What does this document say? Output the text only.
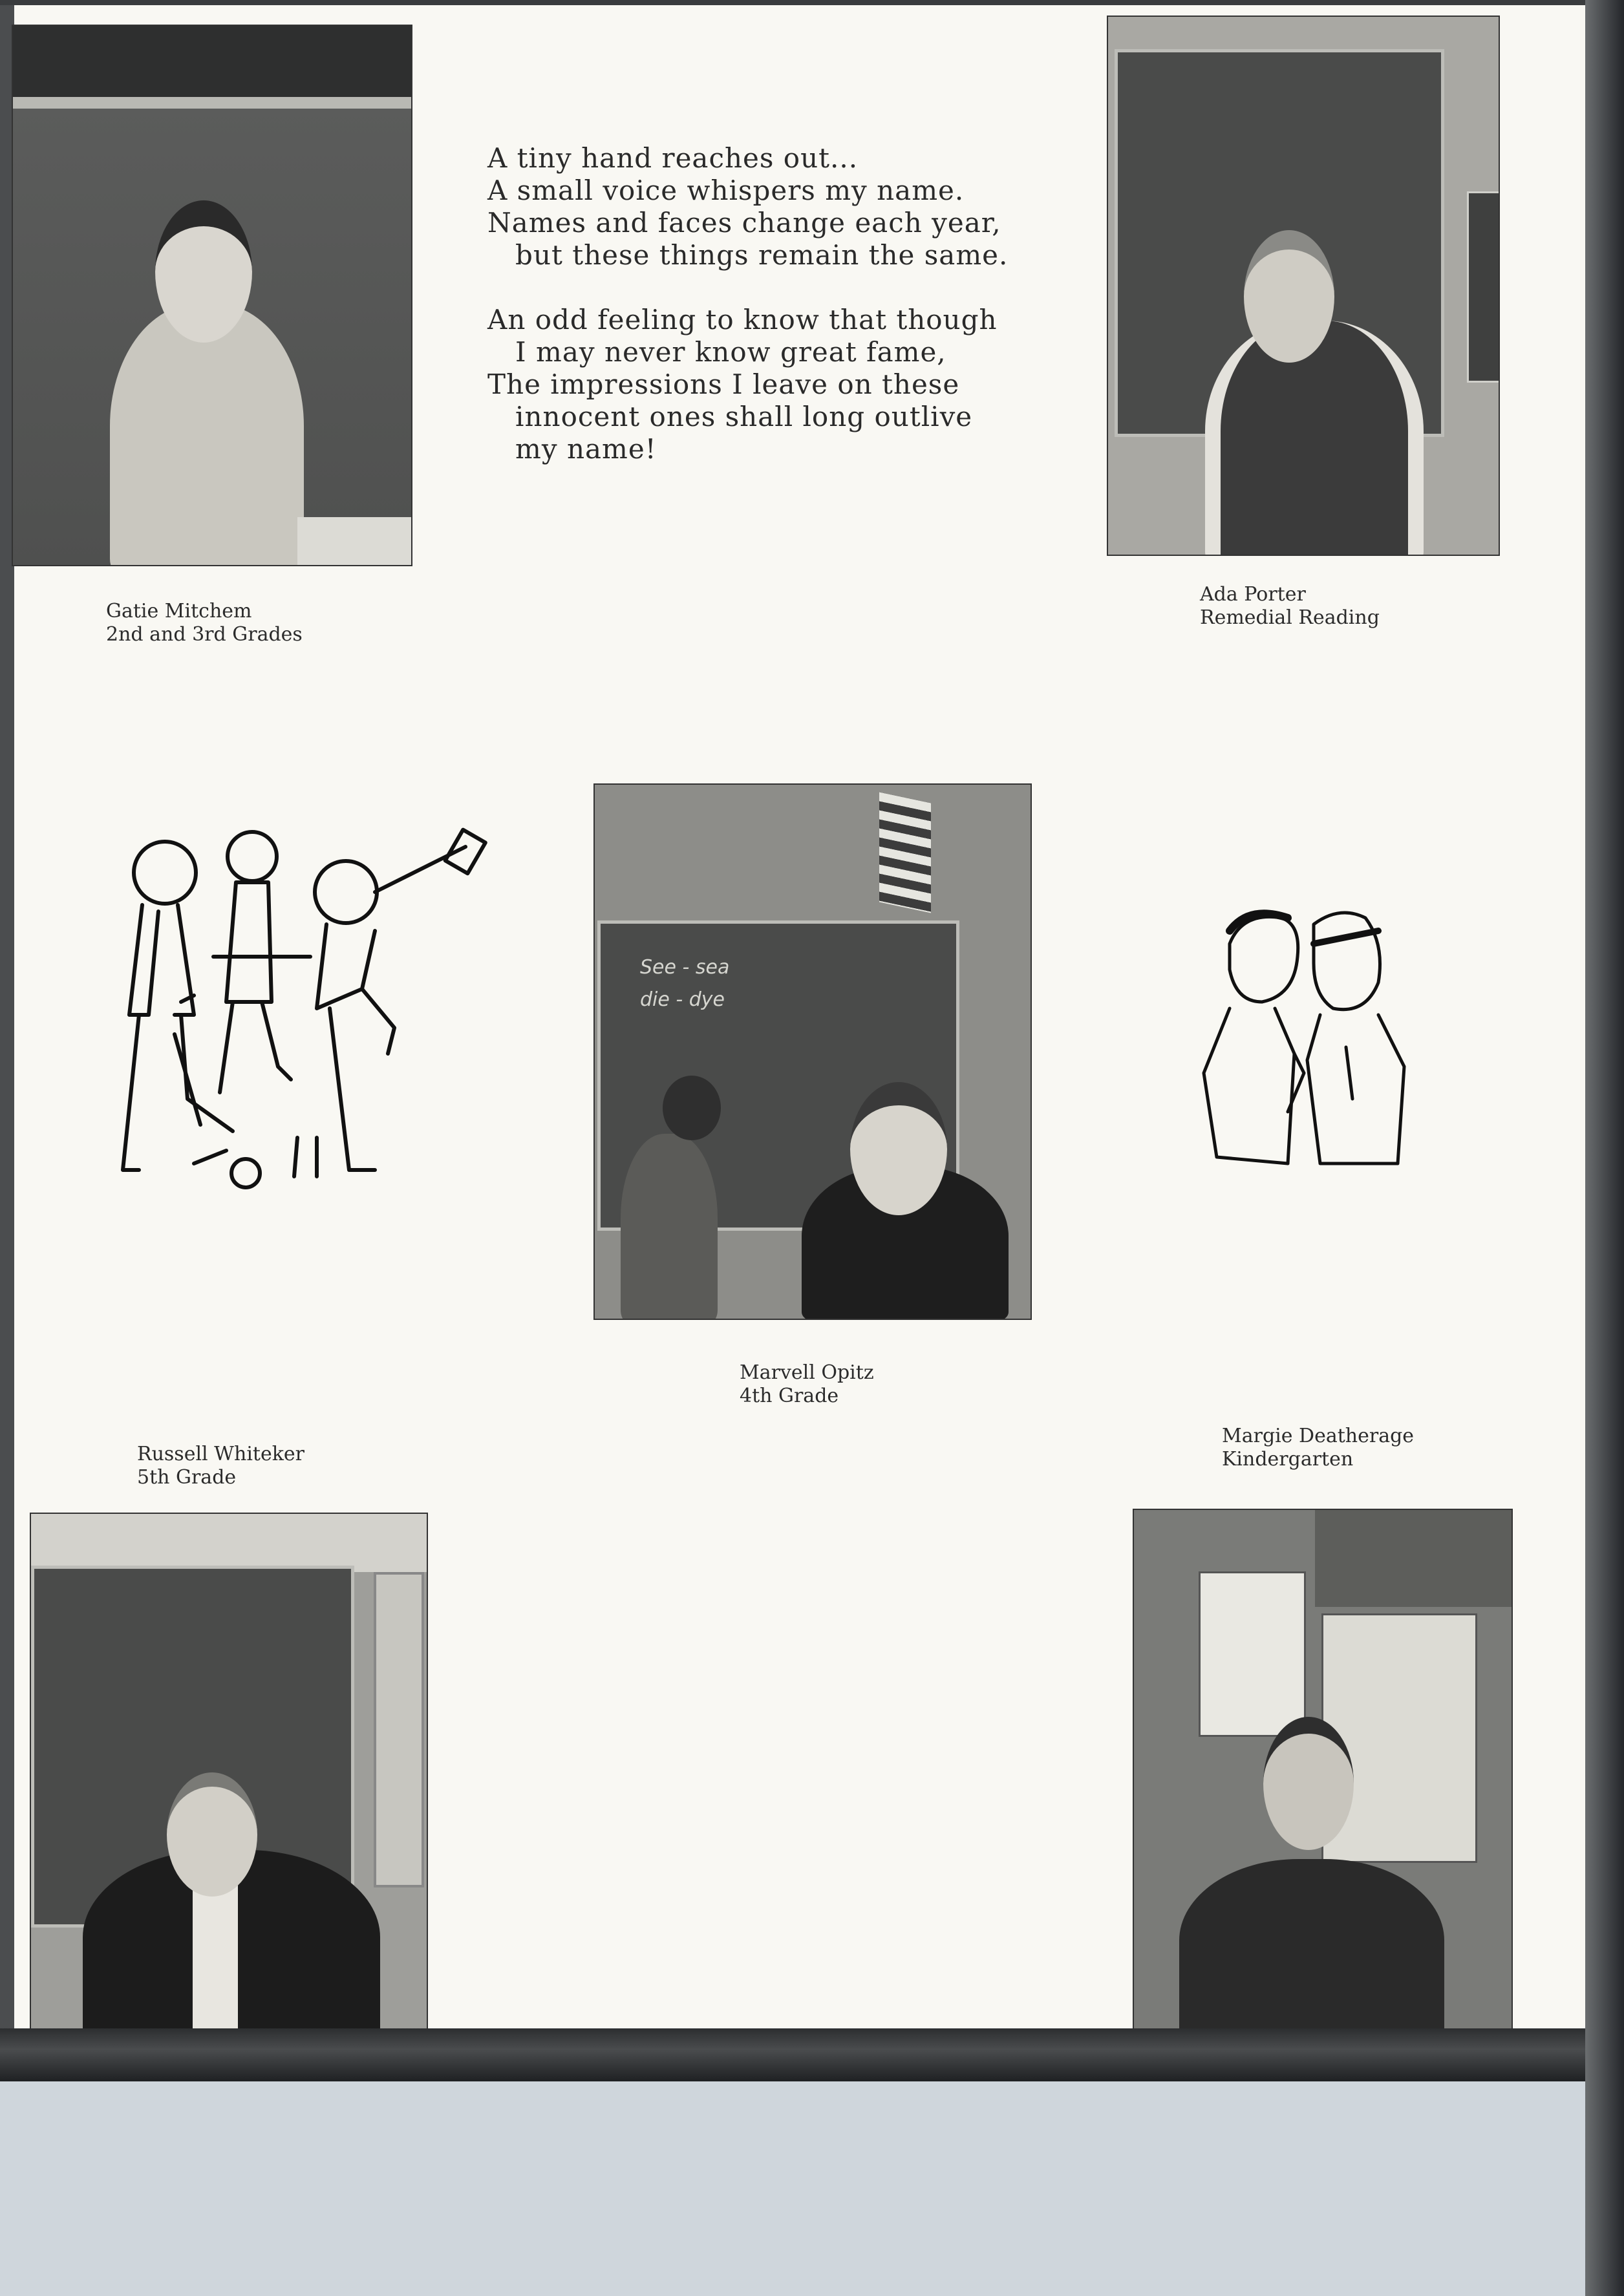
A tiny hand reaches out...
A small voice whispers my name.
Names and faces change each year,
but these things remain the same.
An odd feeling to know that though
I may never know great fame,
The impressions I leave on these
innocent ones shall long outlive
my name!
Gatie Mitchem
2nd and 3rd Grades
Ada Porter
Remedial Reading
See - sea
die - dye
Marvell Opitz
4th Grade
Russell Whiteker
5th Grade
Margie Deatherage
Kindergarten
